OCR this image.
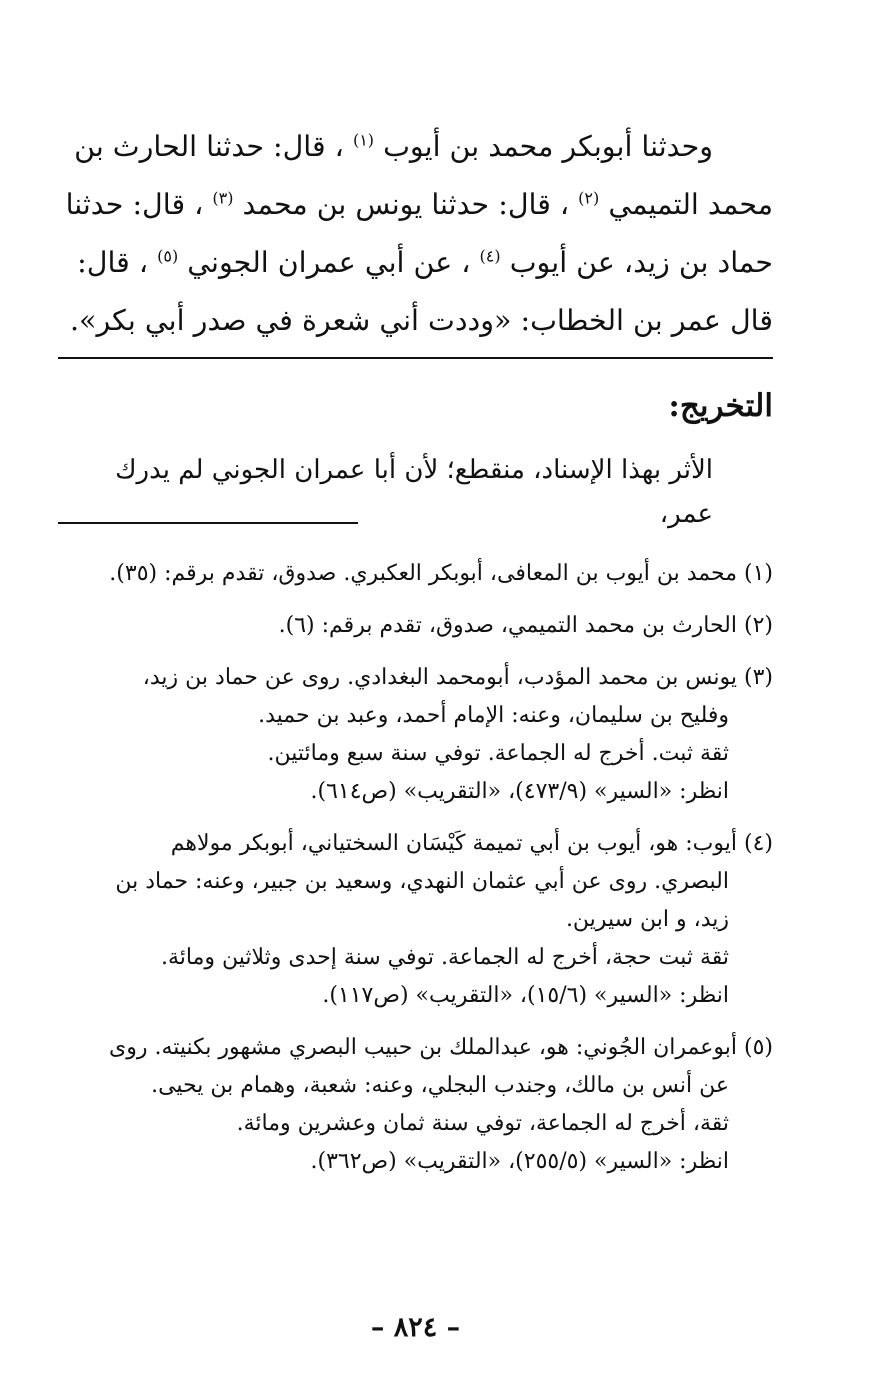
وحدثنا أبوبكر محمد بن أيوب $^{(١)}$ ، قال: حدثنا الحارث بن

محمد التميمي $^{(٢)}$ ، قال: حدثنا يونس بن محمد $^{(٣)}$ ، قال: حدثنا

حماد بن زيد، عن أيوب $^{(٤)}$ ، عن أبي عمران الجوني $^{(٥)}$ ، قال:

قال عمر بن الخطاب: «وددت أني شعرة في صدر أبي بكر».

التخريج:
الأثر بهذا الإسناد، منقطع؛ لأن أبا عمران الجوني لم يدرك عمر،

(١) محمد بن أيوب بن المعافى، أبوبكر العكبري. صدوق، تقدم برقم: (٣٥).

(٢) الحارث بن محمد التميمي، صدوق، تقدم برقم: (٦).

(٣) يونس بن محمد المؤدب، أبومحمد البغدادي. روى عن حماد بن زيد،

وفليح بن سليمان، وعنه: الإمام أحمد، وعبد بن حميد.

ثقة ثبت. أخرج له الجماعة. توفي سنة سبع ومائتين.

انظر: «السير» (٤٧٣/٩)، «التقريب» (ص٦١٤).

(٤) أيوب: هو، أيوب بن أبي تميمة كَيْسَان السختياني، أبوبكر مولاهم

البصري. روى عن أبي عثمان النهدي، وسعيد بن جبير، وعنه: حماد بن

زيد، و ابن سيرين.

ثقة ثبت حجة، أخرج له الجماعة. توفي سنة إحدى وثلاثين ومائة.

انظر: «السير» (١٥/٦)، «التقريب» (ص١١٧).

(٥) أبوعمران الجُوني: هو، عبدالملك بن حبيب البصري مشهور بكنيته. روى

عن أنس بن مالك، وجندب البجلي، وعنه: شعبة، وهمام بن يحيى.

ثقة، أخرج له الجماعة، توفي سنة ثمان وعشرين ومائة.

انظر: «السير» (٢٥٥/٥)، «التقريب» (ص٣٦٢).

– ٨٢٤ –
